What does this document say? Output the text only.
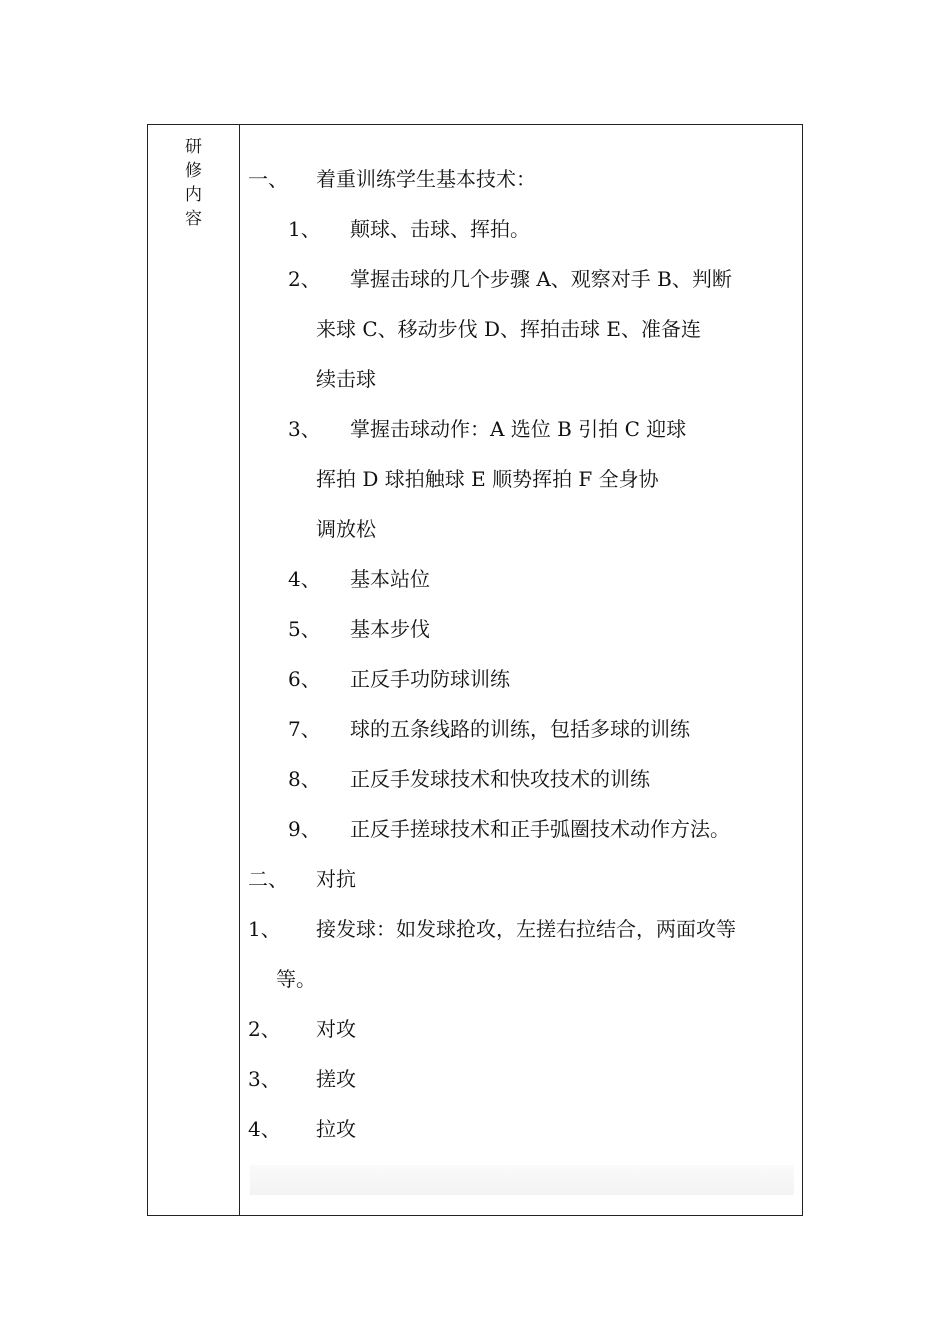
研
修
内
容
一、 着重训练学生基本技术：
1、 颠球、击球、挥拍。
2、 掌握击球的几个步骤 A、观察对手 B、判断
来球 C、移动步伐 D、挥拍击球 E、准备连
续击球
3、 掌握击球动作：A 选位 B 引拍 C 迎球
挥拍 D 球拍触球 E 顺势挥拍 F 全身协
调放松
4、 基本站位
5、 基本步伐
6、 正反手功防球训练
7、 球的五条线路的训练，包括多球的训练
8、 正反手发球技术和快攻技术的训练
9、 正反手搓球技术和正手弧圈技术动作方法。
二、 对抗
1、 接发球：如发球抢攻，左搓右拉结合，两面攻等
等。
2、 对攻
3、 搓攻
4、 拉攻
